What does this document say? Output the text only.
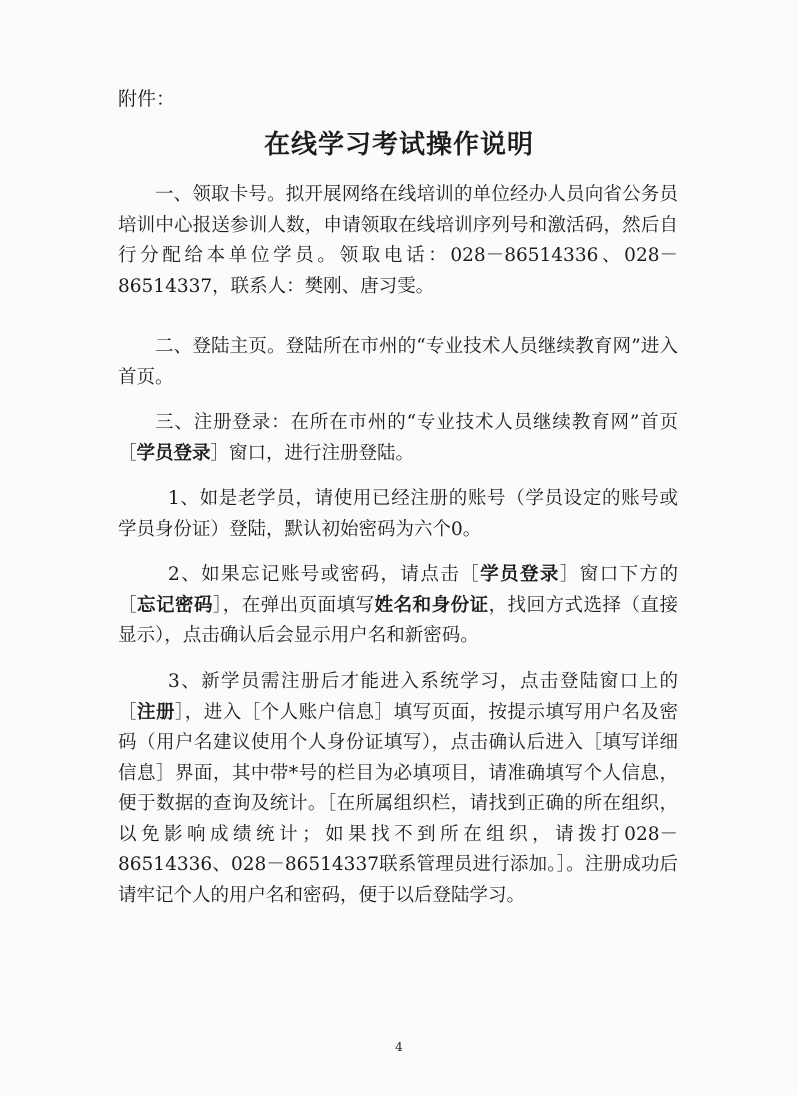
附件：
在线学习考试操作说明

一、领取卡号。拟开展网络在线培训的单位经办人员向省公务员培训中心报送参训人数，申请领取在线培训序列号和激活码，然后自行分配给本单位学员。领取电话：028－86514336、028－86514337，联系人：樊刚、唐习雯。

二、登陆主页。登陆所在市州的“专业技术人员继续教育网”进入首页。

三、注册登录：在所在市州的“专业技术人员继续教育网”首页［学员登录］窗口，进行注册登陆。

1、如是老学员，请使用已经注册的账号（学员设定的账号或学员身份证）登陆，默认初始密码为六个0。

2、如果忘记账号或密码，请点击［学员登录］窗口下方的［忘记密码］，在弹出页面填写姓名和身份证，找回方式选择（直接显示），点击确认后会显示用户名和新密码。

3、新学员需注册后才能进入系统学习，点击登陆窗口上的［注册］，进入［个人账户信息］填写页面，按提示填写用户名及密码（用户名建议使用个人身份证填写），点击确认后进入［填写详细信息］界面，其中带*号的栏目为必填项目，请准确填写个人信息，便于数据的查询及统计。［在所属组织栏，请找到正确的所在组织，以免影响成绩统计；如果找不到所在组织，请拨打028－86514336、028－86514337联系管理员进行添加。］。注册成功后请牢记个人的用户名和密码，便于以后登陆学习。

4
